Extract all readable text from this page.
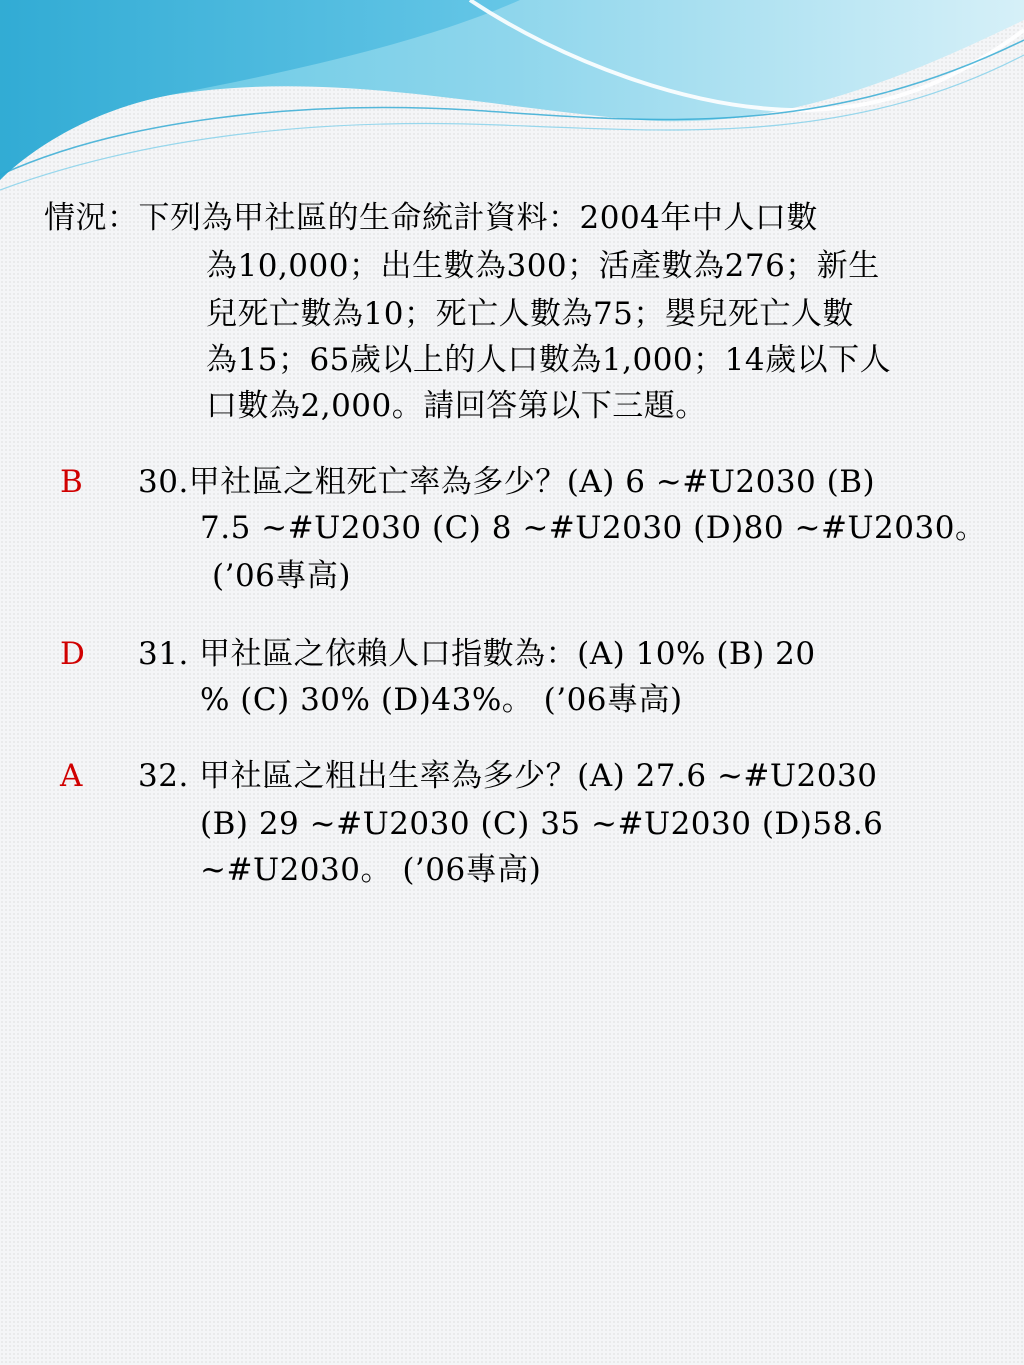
情況：下列為甲社區的生命統計資料：2004年中人口數
為10,000；出生數為300；活產數為276；新生
兒死亡數為10；死亡人數為75；嬰兒死亡人數
為15；65歲以上的人口數為1,000；14歲以下人
口數為2,000。請回答第以下三題。
B 30.甲社區之粗死亡率為多少？(A) 6 ~#U2030 (B)
7.5 ~#U2030 (C) 8 ~#U2030 (D)80 ~#U2030。
(’06專高)
D 31. 甲社區之依賴人口指數為：(A) 10% (B) 20
% (C) 30% (D)43%。 (’06專高)
A 32. 甲社區之粗出生率為多少？(A) 27.6 ~#U2030
(B) 29 ~#U2030 (C) 35 ~#U2030 (D)58.6
~#U2030。 (’06專高)
